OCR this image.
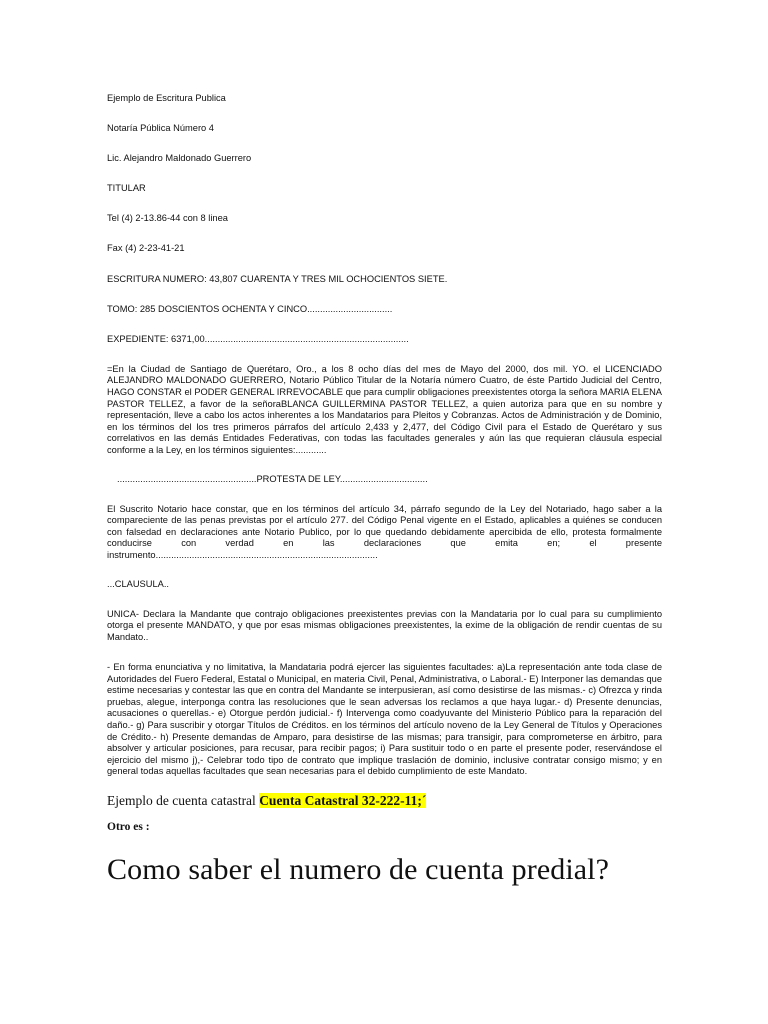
Ejemplo de Escritura Publica
Notaría Pública Número 4
Lic. Alejandro Maldonado Guerrero
TITULAR
Tel (4) 2-13.86-44 con 8 linea
Fax (4) 2-23-41-21
ESCRITURA NUMERO: 43,807 CUARENTA Y TRES MIL OCHOCIENTOS SIETE.
TOMO: 285 DOSCIENTOS OCHENTA Y CINCO.................................
EXPEDIENTE: 6371,00...............................................................................
=En la Ciudad de Santiago de Querétaro, Oro., a los 8 ocho días del mes de Mayo del 2000, dos mil. YO. el LICENCIADO ALEJANDRO MALDONADO GUERRERO, Notario Público Titular de la Notaría número Cuatro, de éste Partido Judicial del Centro, HAGO CONSTAR el PODER GENERAL IRREVOCABLE que para cumplir obligaciones preexistentes otorga la señora MARIA ELENA PASTOR TELLEZ, a favor de la señoraBLANCA GUILLERMINA PASTOR TELLEZ, a quien autoriza para que en su nombre y representación, lleve a cabo los actos inherentes a los Mandatarios para Pleitos y Cobranzas. Actos de Administración y de Dominio, en los términos del los tres primeros párrafos del artículo 2,433 y 2,477, del Código Civil para el Estado de Querétaro y sus correlativos en las demás Entidades Federativas, con todas las facultades generales y aún las que requieran cláusula especial conforme a la Ley, en los términos siguientes:............
......................................................PROTESTA DE LEY..................................
El Suscrito Notario hace constar, que en los términos del artículo 34, párrafo segundo de la Ley del Notariado, hago saber a la compareciente de las penas previstas por el artículo 277. del Código Penal vigente en el Estado, aplicables a quiénes se conducen con falsedad en declaraciones ante Notario Publico, por lo que quedando debidamente apercibida de ello, protesta formalmente conducirse con verdad en las declaraciones que emita en; el presente instrumento......................................................................................
...CLAUSULA..
UNICA- Declara la Mandante que contrajo obligaciones preexistentes previas con la Mandataria por lo cual para su cumplimiento otorga el presente MANDATO, y que por esas mismas obligaciones preexistentes, la exime de la obligación de rendir cuentas de su Mandato..
- En forma enunciativa y no limitativa, la Mandataria podrá ejercer las siguientes facultades: a)La representación ante toda clase de Autoridades del Fuero Federal, Estatal o Municipal, en materia Civil, Penal, Administrativa, o Laboral.- E) Interponer las demandas que estime necesarias y contestar las que en contra del Mandante se interpusieran, así como desistirse de las mismas.- c) Ofrezca y rinda pruebas, alegue, interponga contra las resoluciones que le sean adversas los reclamos a que haya lugar.- d) Presente denuncias, acusaciones o querellas.- e) Otorgue perdón judicial.- f) Intervenga como coadyuvante del Ministerio Público para la reparación del daño.- g) Para suscribir y otorgar Títulos de Créditos. en los términos del artículo noveno de la Ley General de Títulos y Operaciones de Crédito.- h) Presente demandas de Amparo, para desistirse de las mismas; para transigir, para comprometerse en árbitro, para absolver y articular posiciones, para recusar, para recibir pagos; i) Para sustituir todo o en parte el presente poder, reservándose el ejercicio del mismo j),- Celebrar todo tipo de contrato que implique traslación de dominio, inclusive contratar consigo mismo; y en general todas aquellas facultades que sean necesarias para el debido cumplimiento de este Mandato.
Ejemplo de cuenta catastral Cuenta Catastral 32-222-11;´
Otro es :
Como saber el numero de cuenta predial?
